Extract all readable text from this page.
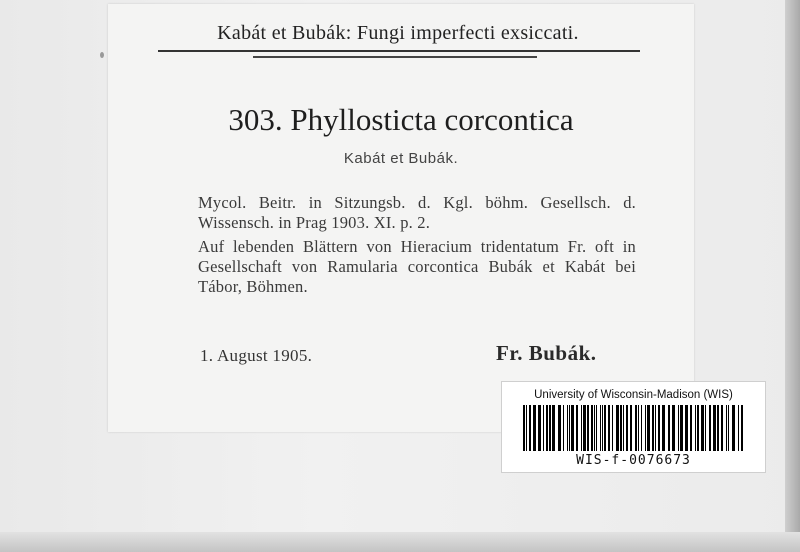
Kabát et Bubák: Fungi imperfecti exsiccati.
303. Phyllosticta corcontica
Kabát et Bubák.
Mycol. Beitr. in Sitzungsb. d. Kgl. böhm. Gesellsch. d. Wissensch. in Prag 1903. XI. p. 2.
Auf lebenden Blättern von Hieracium tridentatum Fr. oft in Gesellschaft von Ramularia corcontica Bubák et Kabát bei Tábor, Böhmen.
1. August 1905.	Fr. Bubák.
University of Wisconsin-Madison (WIS)
WIS-f-0076673
